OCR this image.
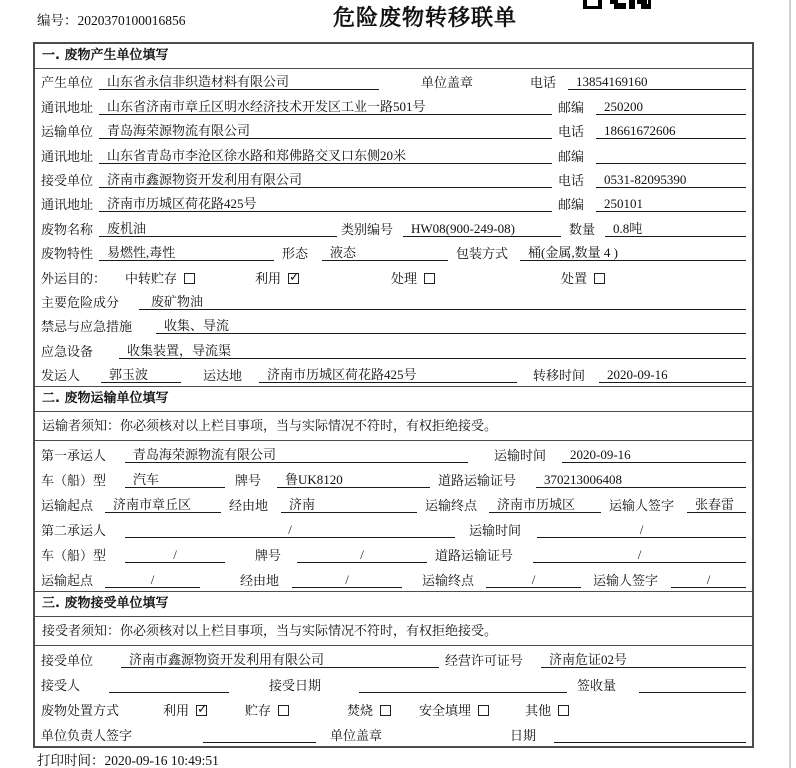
编号：2020370100016856	危险废物转移联单
一. 废物产生单位填写
产生单位	山东省永信非织造材料有限公司	单位盖章	电话	13854169160
通讯地址	山东省济南市章丘区明水经济技术开发区工业一路501号	邮编	250200
运输单位	青岛海荣源物流有限公司	电话	18661672606
通讯地址	山东省青岛市李沧区徐水路和郑佛路交叉口东侧20米	邮编
接受单位	济南市鑫源物资开发利用有限公司	电话	0531-82095390
通讯地址	济南市历城区荷花路425号	邮编	250101
废物名称	废机油	类别编号	HW08(900-249-08)	数量	0.8吨
废物特性	易燃性,毒性	形态	液态	包装方式	桶(金属,数量 4 )
外运目的：	中转贮存	利用 ✓	处理	处置
主要危险成分	废矿物油
禁忌与应急措施	收集、导流
应急设备	收集装置，导流渠
发运人	郭玉波	运达地	济南市历城区荷花路425号	转移时间	2020-09-16
二. 废物运输单位填写
运输者须知：你必须核对以上栏目事项，当与实际情况不符时，有权拒绝接受。
第一承运人	青岛海荣源物流有限公司	运输时间	2020-09-16
车（船）型	汽车	牌号	鲁UK8120	道路运输证号	370213006408
运输起点	济南市章丘区	经由地	济南	运输终点	济南市历城区	运输人签字	张春雷
第二承运人	/	运输时间	/
车（船）型	/	牌号	/	道路运输证号	/
运输起点	/	经由地	/	运输终点	/	运输人签字	/
三. 废物接受单位填写
接受者须知：你必须核对以上栏目事项，当与实际情况不符时，有权拒绝接受。
接受单位	济南市鑫源物资开发利用有限公司	经营许可证号	济南危证02号
接受人	接受日期	签收量
废物处置方式	利用 ✓	贮存	焚烧	安全填埋	其他
单位负责人签字	单位盖章	日期
打印时间：2020-09-16 10:49:51
